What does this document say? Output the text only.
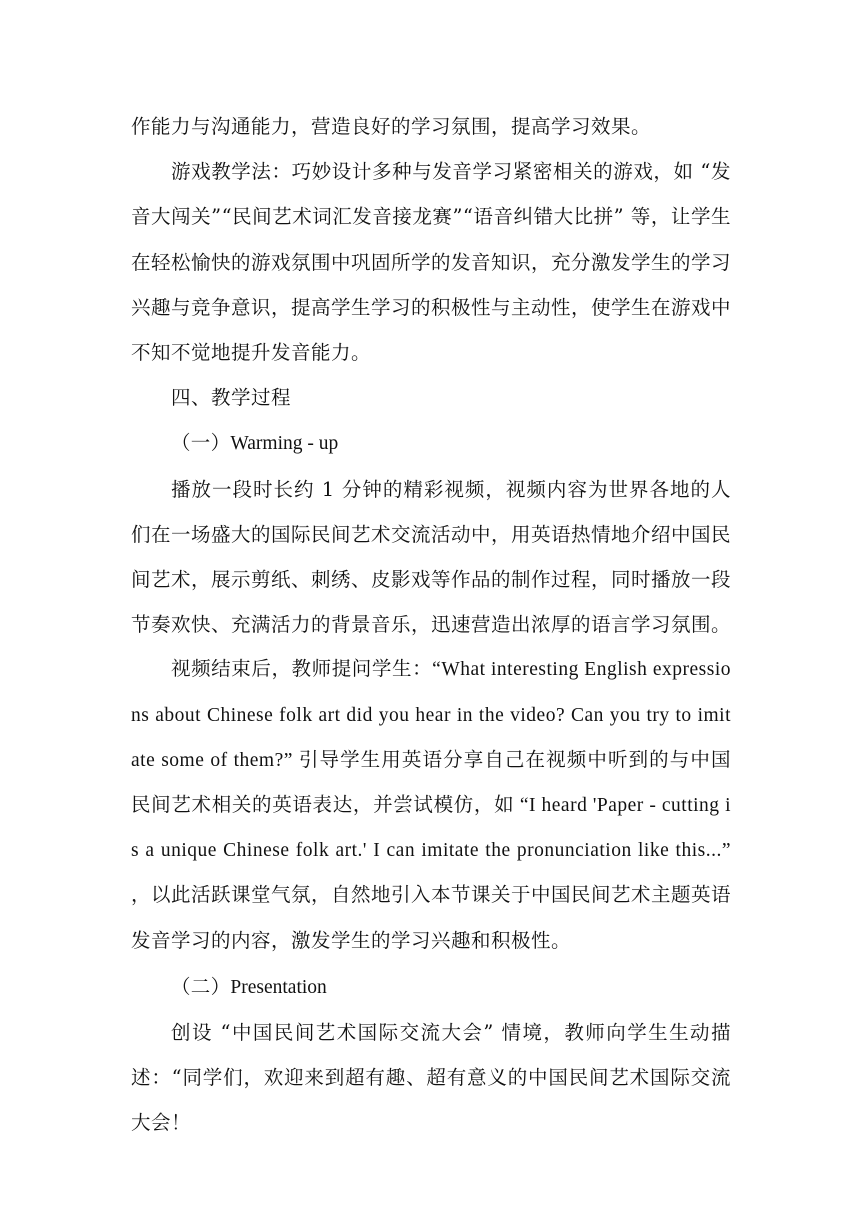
作能力与沟通能力，营造良好的学习氛围，提高学习效果。

游戏教学法：巧妙设计多种与发音学习紧密相关的游戏，如 “发音大闯关”“民间艺术词汇发音接龙赛”“语音纠错大比拼” 等，让学生在轻松愉快的游戏氛围中巩固所学的发音知识，充分激发学生的学习兴趣与竞争意识，提高学生学习的积极性与主动性，使学生在游戏中不知不觉地提升发音能力。

四、教学过程

（一）Warming - up

播放一段时长约 1 分钟的精彩视频，视频内容为世界各地的人们在一场盛大的国际民间艺术交流活动中，用英语热情地介绍中国民间艺术，展示剪纸、刺绣、皮影戏等作品的制作过程，同时播放一段节奏欢快、充满活力的背景音乐，迅速营造出浓厚的语言学习氛围。

视频结束后，教师提问学生：“What interesting English expressions about Chinese folk art did you hear in the video? Can you try to imitate some of them?” 引导学生用英语分享自己在视频中听到的与中国民间艺术相关的英语表达，并尝试模仿，如 “I heard 'Paper - cutting is a unique Chinese folk art.' I can imitate the pronunciation like this...” ，以此活跃课堂气氛，自然地引入本节课关于中国民间艺术主题英语发音学习的内容，激发学生的学习兴趣和积极性。

（二）Presentation

创设 “中国民间艺术国际交流大会” 情境，教师向学生生动描述：“同学们，欢迎来到超有趣、超有意义的中国民间艺术国际交流大会！
